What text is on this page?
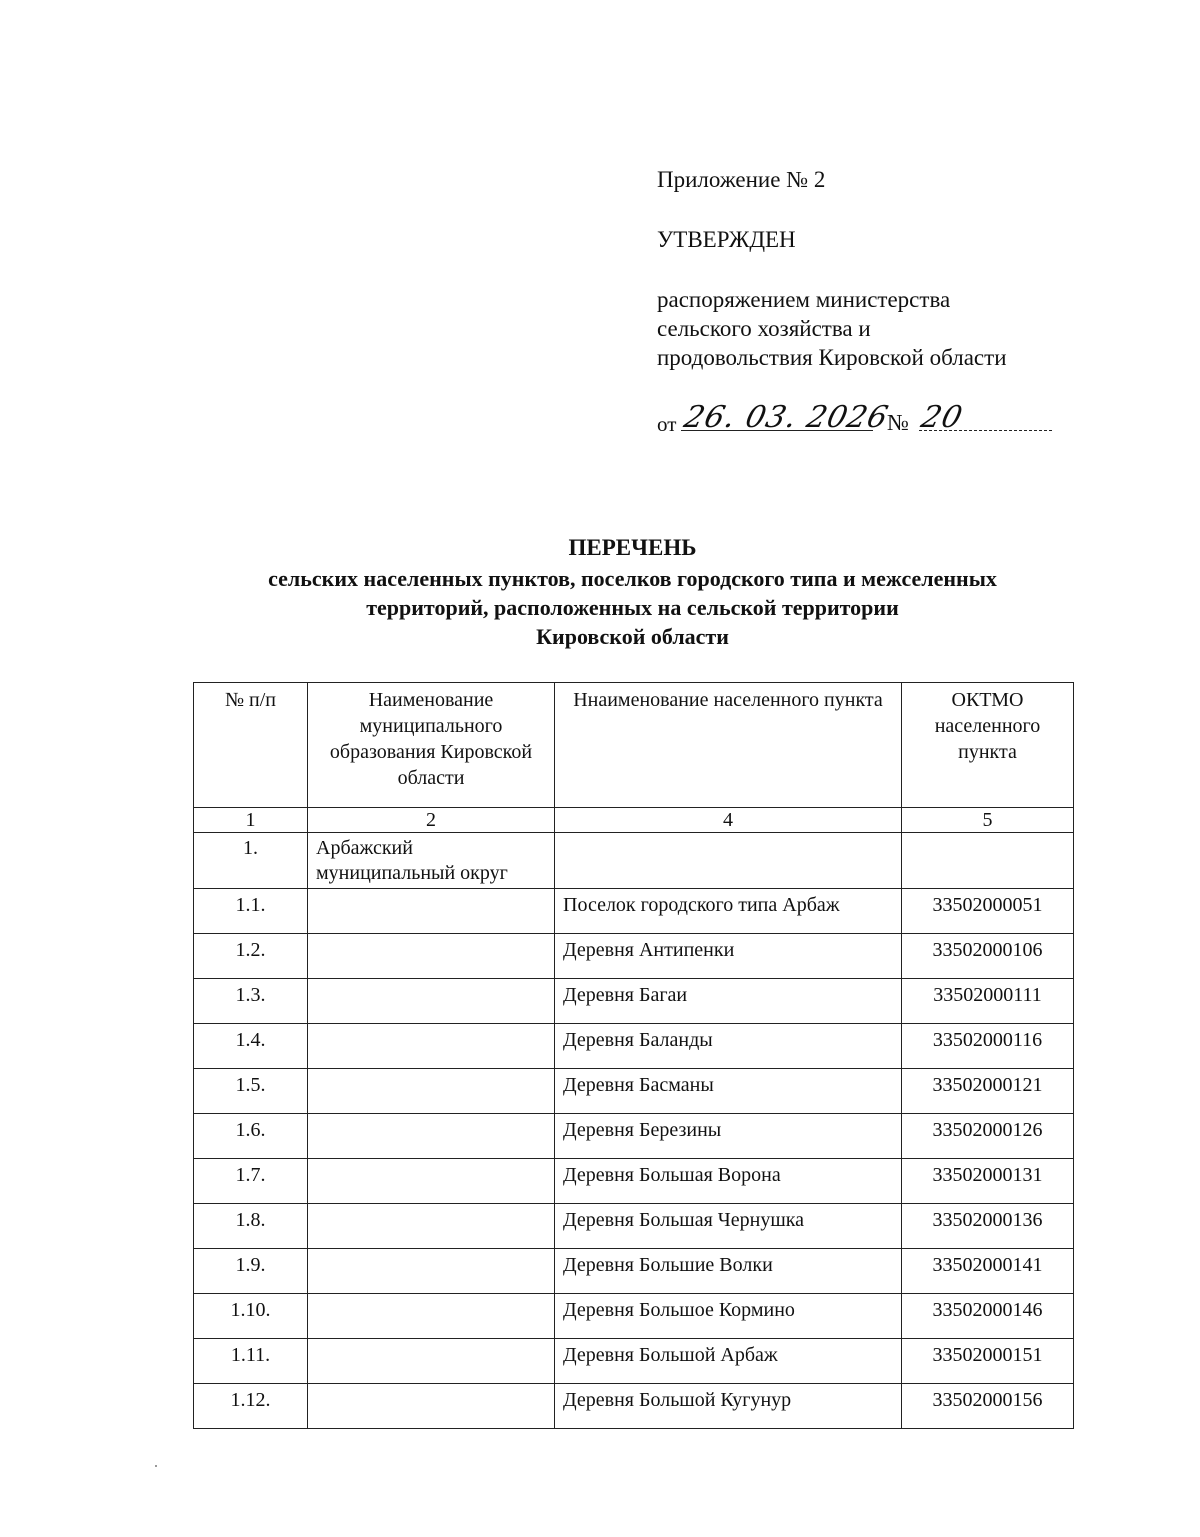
Приложение № 2
УТВЕРЖДЕН
распоряжением министерства
сельского хозяйства и
продовольствия Кировской области
от 26. 03. 2026
№ 20
ПЕРЕЧЕНЬ
сельских населенных пунктов, поселков городского типа и межселенных
территорий, расположенных на сельской территории
Кировской области
№ п/п	Наименование муниципального образования Кировской области	Ннаименование населенного пункта	ОКТМО населенного пункта
1	2	4	5
1.	Арбажский муниципальный округ		
1.1.		Поселок городского типа Арбаж	33502000051
1.2.		Деревня Антипенки	33502000106
1.3.		Деревня Багаи	33502000111
1.4.		Деревня Баланды	33502000116
1.5.		Деревня Басманы	33502000121
1.6.		Деревня Березины	33502000126
1.7.		Деревня Большая Ворона	33502000131
1.8.		Деревня Большая Чернушка	33502000136
1.9.		Деревня Большие Волки	33502000141
1.10.		Деревня Большое Кормино	33502000146
1.11.		Деревня Большой Арбаж	33502000151
1.12.		Деревня Большой Кугунур	33502000156
